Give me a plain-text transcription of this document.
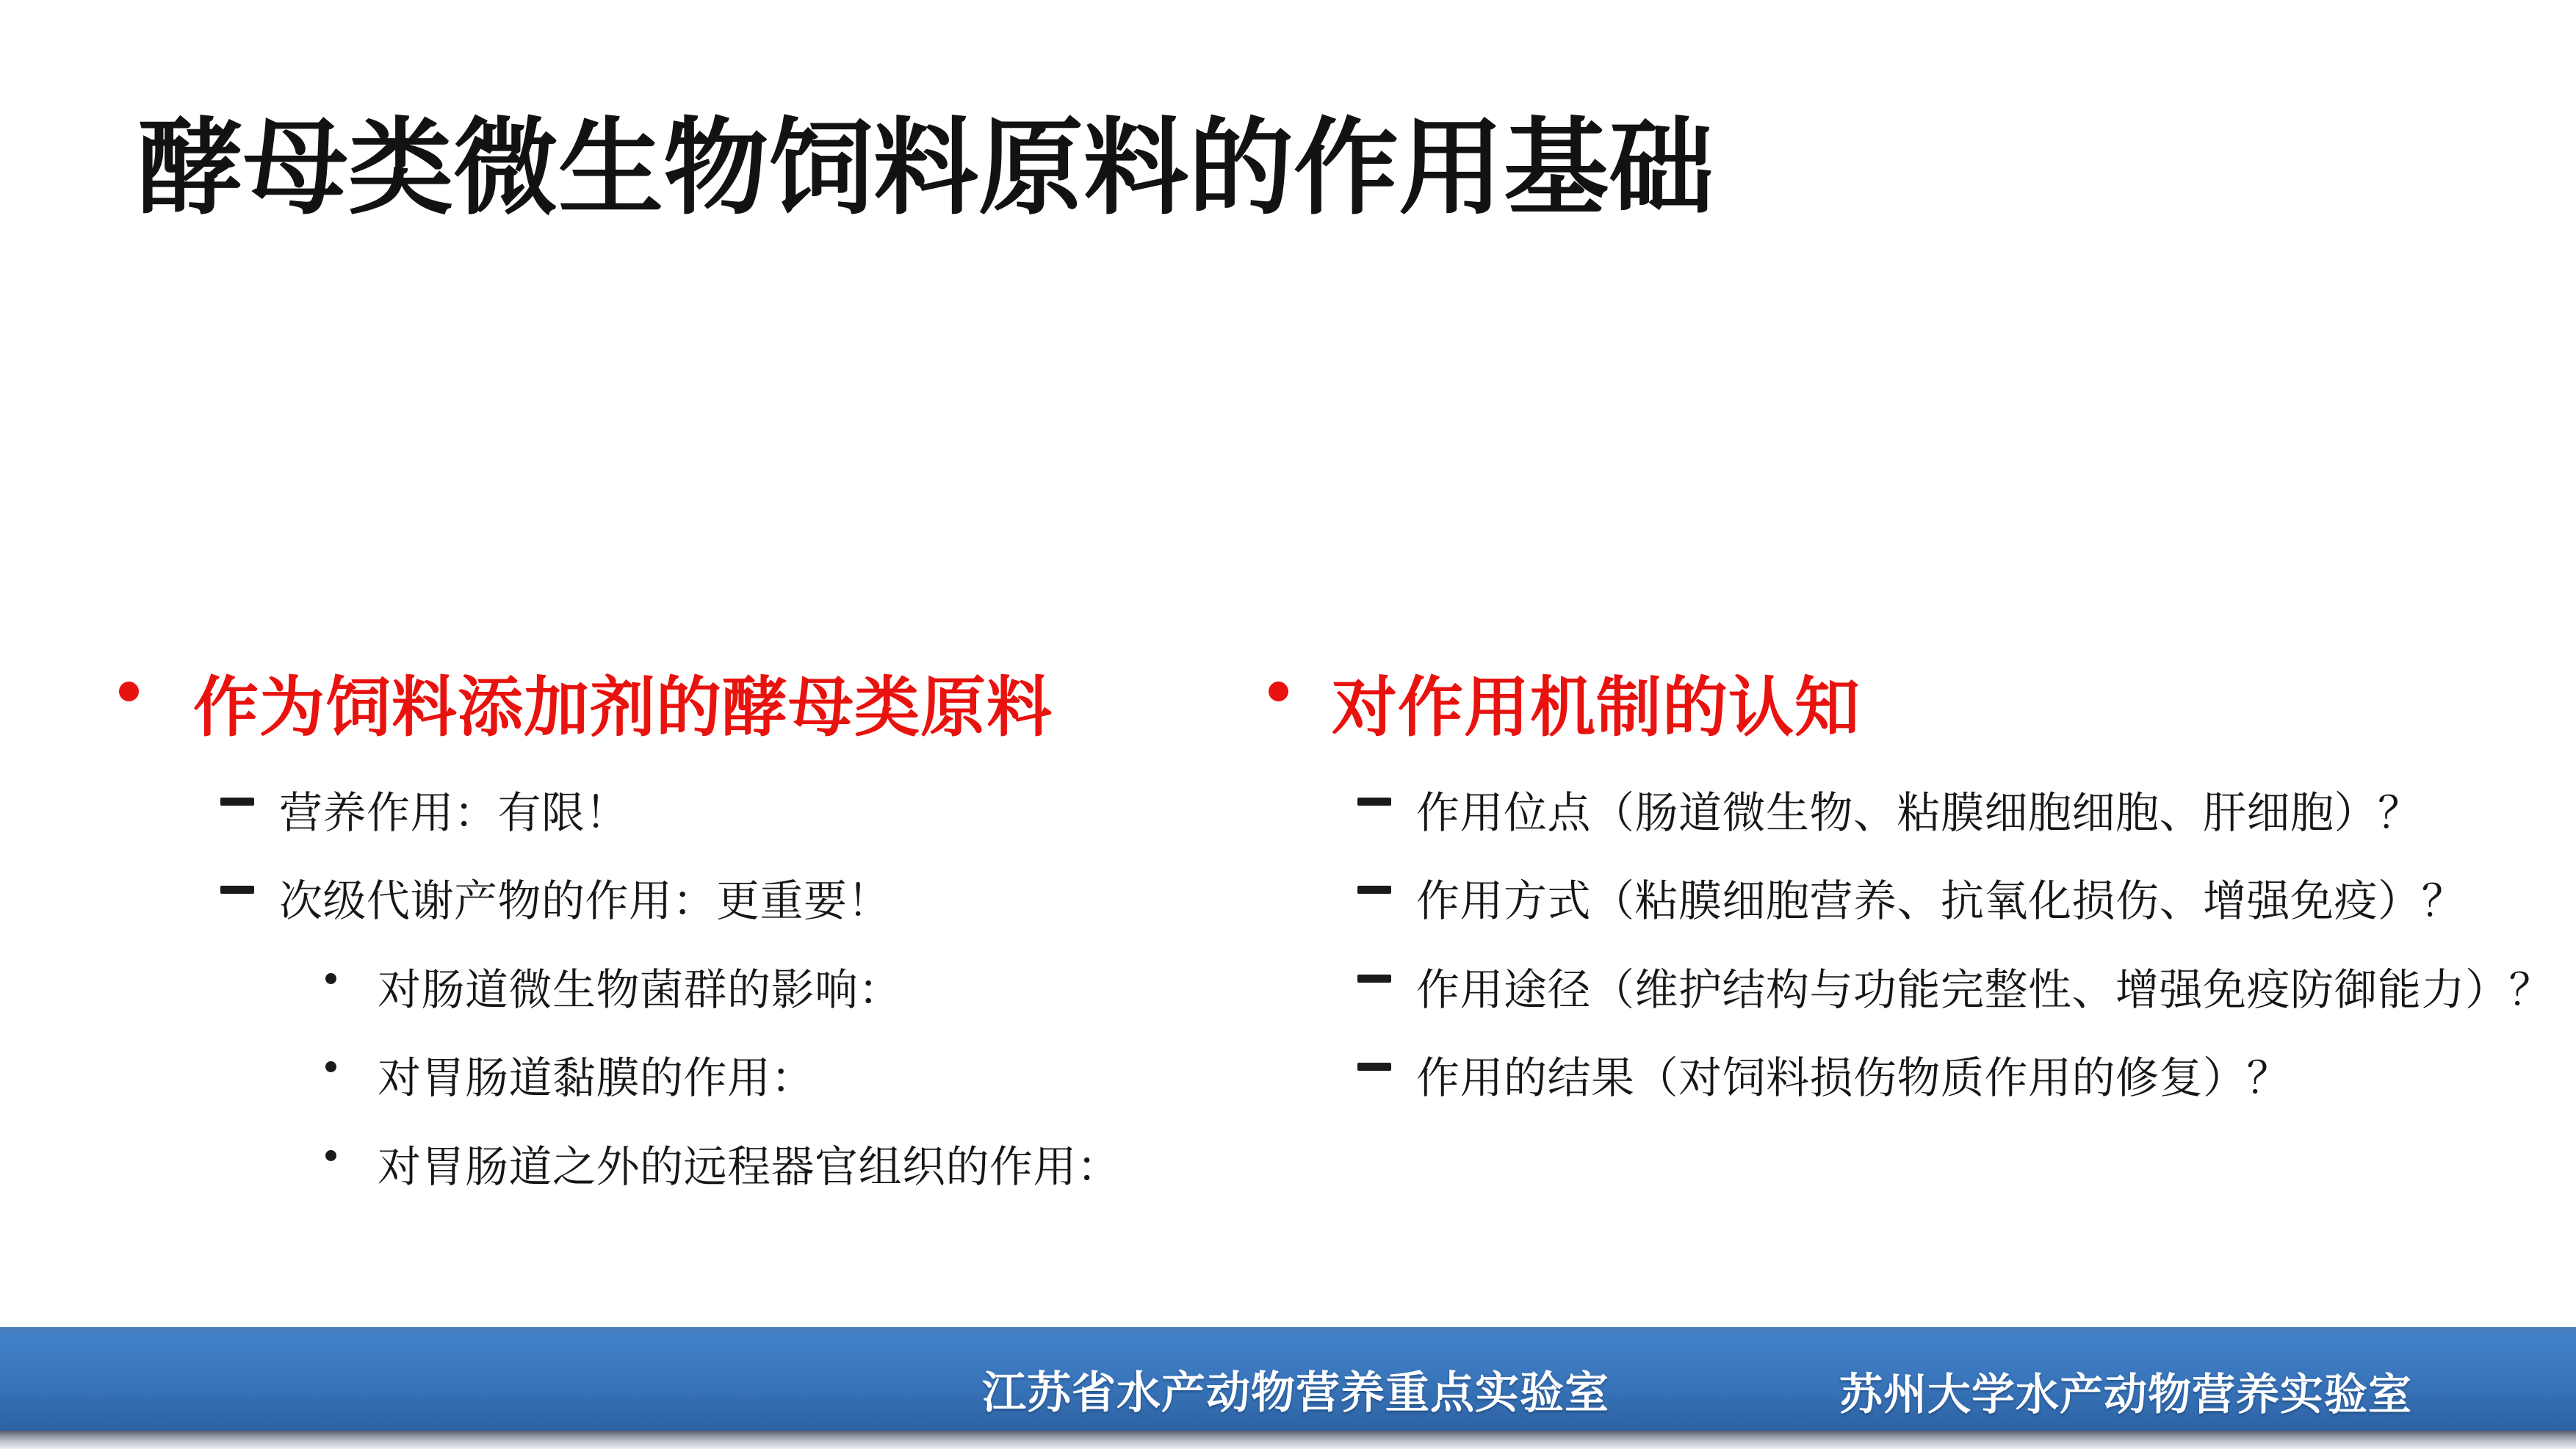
酵母类微生物饲料原料的作用基础
作为饲料添加剂的酵母类原料
营养作用：有限！
次级代谢产物的作用：更重要！
对肠道微生物菌群的影响：
对胃肠道黏膜的作用：
对胃肠道之外的远程器官组织的作用：
对作用机制的认知
作用位点（肠道微生物、粘膜细胞细胞、肝细胞）？
作用方式（粘膜细胞营养、抗氧化损伤、增强免疫）？
作用途径（维护结构与功能完整性、增强免疫防御能力）？
作用的结果（对饲料损伤物质作用的修复）？
江苏省水产动物营养重点实验室	苏州大学水产动物营养实验室
